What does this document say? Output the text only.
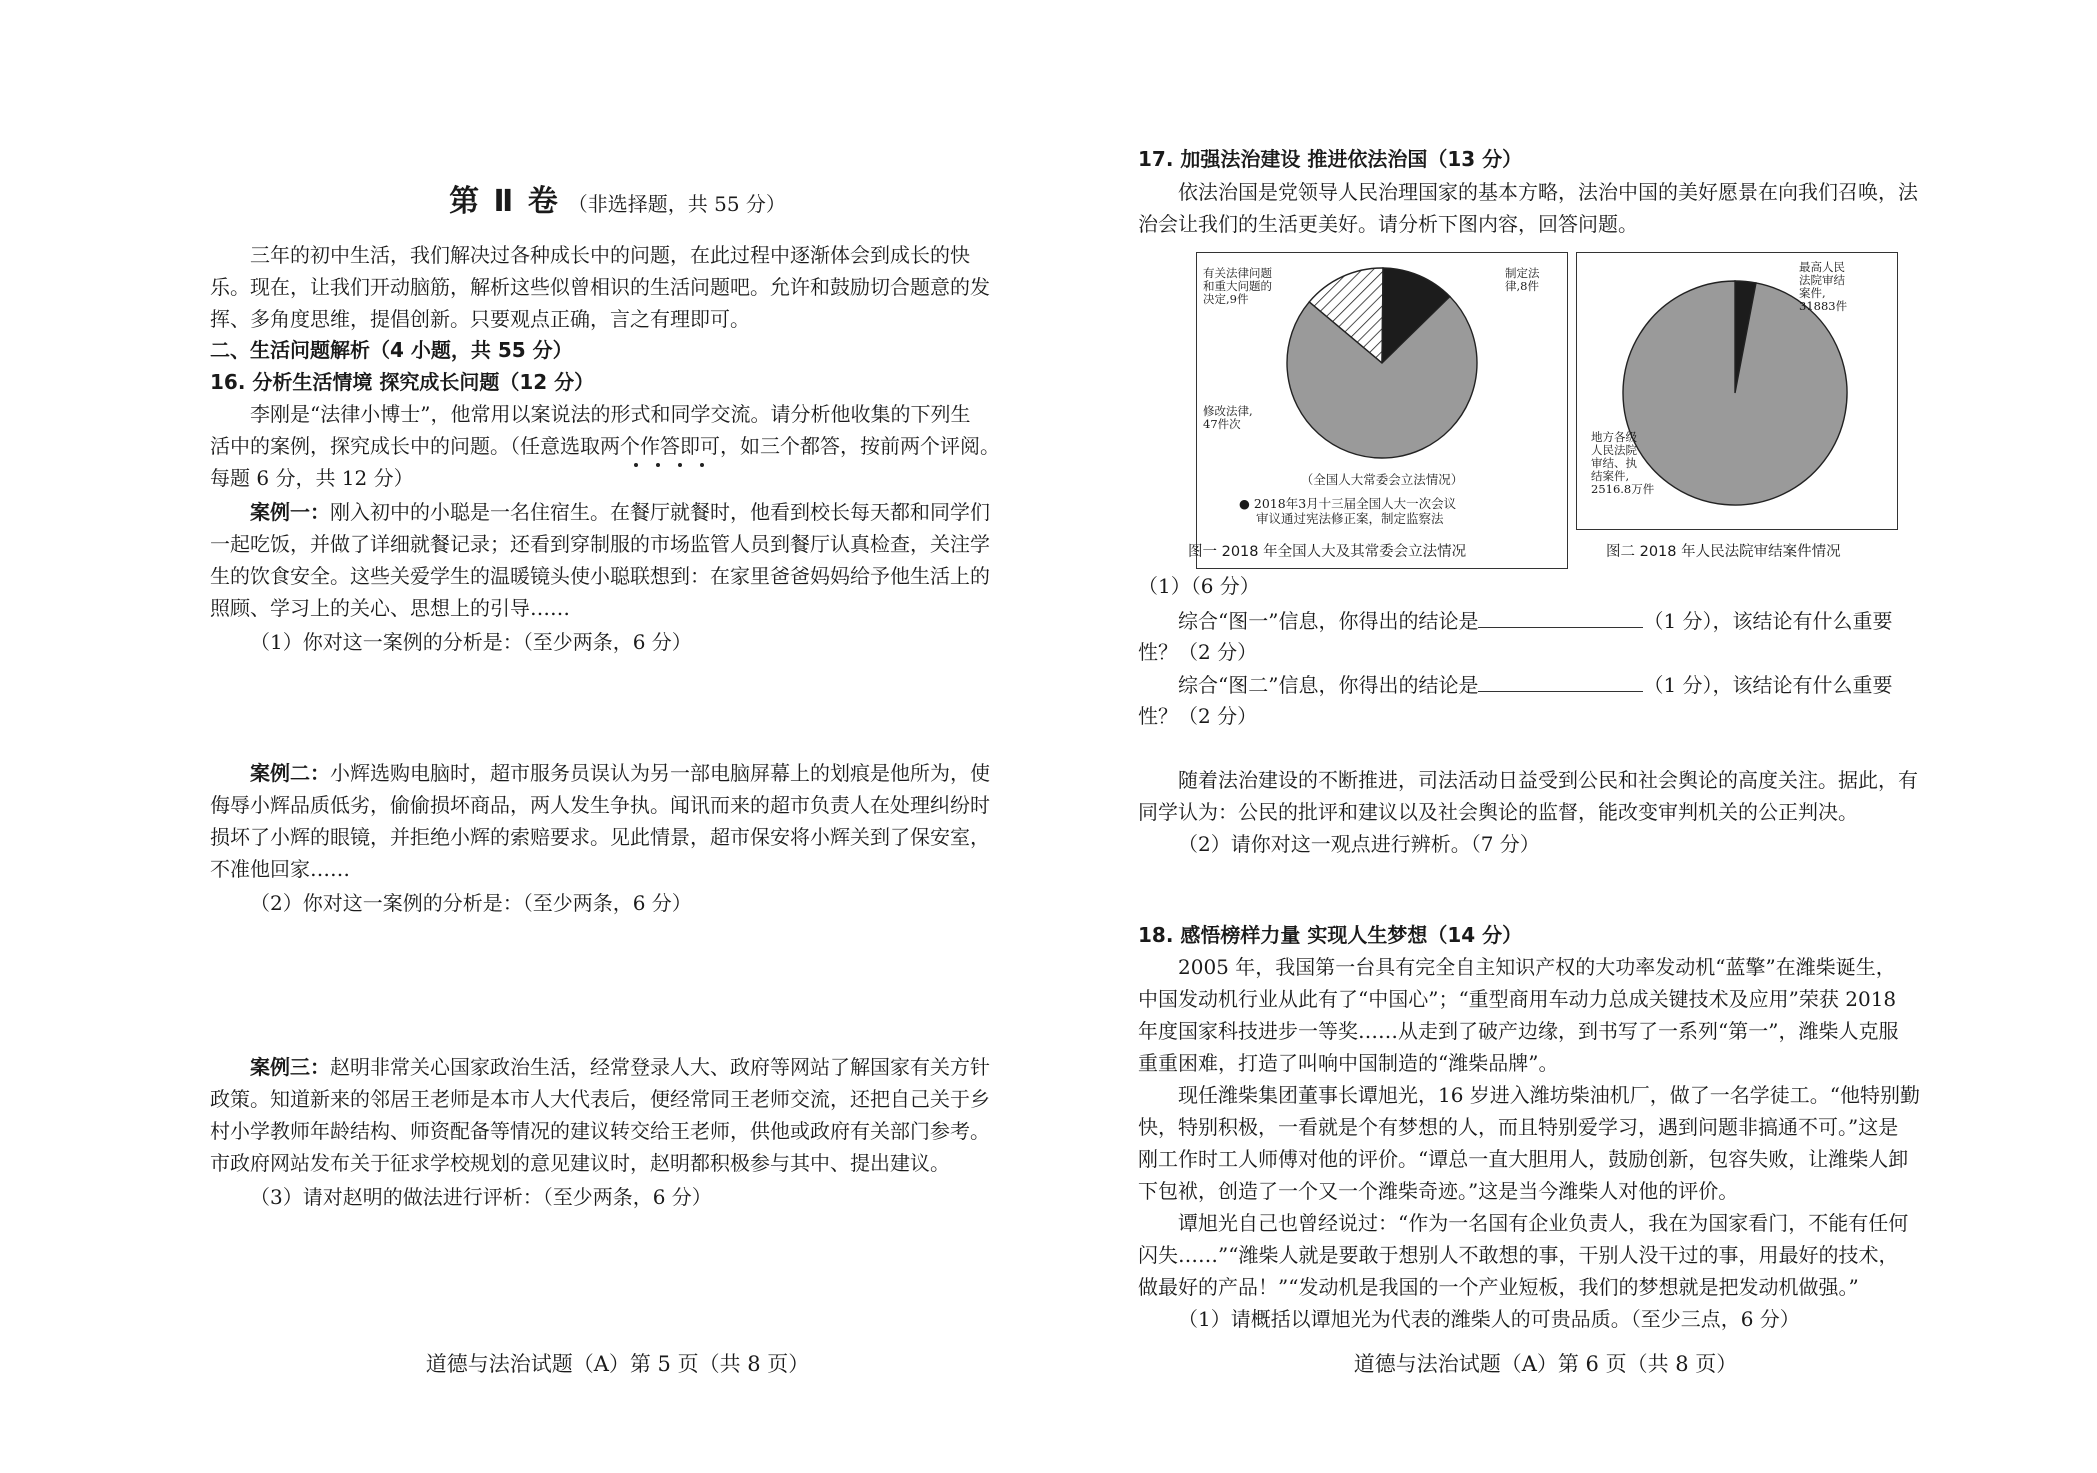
第 Ⅱ 卷 （非选择题，共 55 分）
三年的初中生活，我们解决过各种成长中的问题，在此过程中逐渐体会到成长的快
乐。现在，让我们开动脑筋，解析这些似曾相识的生活问题吧。允许和鼓励切合题意的发
挥、多角度思维，提倡创新。只要观点正确，言之有理即可。
二、生活问题解析（4 小题，共 55 分）
16. 分析生活情境 探究成长问题（12 分）
李刚是“法律小博士”，他常用以案说法的形式和同学交流。请分析他收集的下列生
活中的案例，探究成长中的问题。（任意选取两个作答即可，如三个都答，按前两个评阅。
每题 6 分，共 12 分）
案例一：刚入初中的小聪是一名住宿生。在餐厅就餐时，他看到校长每天都和同学们
一起吃饭，并做了详细就餐记录；还看到穿制服的市场监管人员到餐厅认真检查，关注学
生的饮食安全。这些关爱学生的温暖镜头使小聪联想到：在家里爸爸妈妈给予他生活上的
照顾、学习上的关心、思想上的引导……
（1）你对这一案例的分析是：（至少两条，6 分）
案例二：小辉选购电脑时，超市服务员误认为另一部电脑屏幕上的划痕是他所为，使
侮辱小辉品质低劣，偷偷损坏商品，两人发生争执。闻讯而来的超市负责人在处理纠纷时
损坏了小辉的眼镜，并拒绝小辉的索赔要求。见此情景，超市保安将小辉关到了保安室，
不准他回家……
（2）你对这一案例的分析是：（至少两条，6 分）
案例三：赵明非常关心国家政治生活，经常登录人大、政府等网站了解国家有关方针
政策。知道新来的邻居王老师是本市人大代表后，便经常同王老师交流，还把自己关于乡
村小学教师年龄结构、师资配备等情况的建议转交给王老师，供他或政府有关部门参考。
市政府网站发布关于征求学校规划的意见建议时，赵明都积极参与其中、提出建议。
（3）请对赵明的做法进行评析：（至少两条，6 分）
道德与法治试题（A）第 5 页（共 8 页）
17. 加强法治建设 推进依法治国（13 分）
依法治国是党领导人民治理国家的基本方略，法治中国的美好愿景在向我们召唤，法
治会让我们的生活更美好。请分析下图内容，回答问题。
有关法律问题
和重大问题的
决定,9件
制定法
律,8件
修改法律,
47件次
（全国人大常委会立法情况）
● 2018年3月十三届全国人大一次会议
审议通过宪法修正案，制定监察法
图一 2018 年全国人大及其常委会立法情况
最高人民
法院审结
案件,
31883件
地方各级
人民法院
审结、执
结案件,
2516.8万件
图二 2018 年人民法院审结案件情况
（1）（6 分）
综合“图一”信息，你得出的结论是	（1 分），该结论有什么重要
性？（2 分）
综合“图二”信息，你得出的结论是	（1 分），该结论有什么重要
性？（2 分）
随着法治建设的不断推进，司法活动日益受到公民和社会舆论的高度关注。据此，有
同学认为：公民的批评和建议以及社会舆论的监督，能改变审判机关的公正判决。
（2）请你对这一观点进行辨析。（7 分）
18. 感悟榜样力量 实现人生梦想（14 分）
2005 年，我国第一台具有完全自主知识产权的大功率发动机“蓝擎”在潍柴诞生，
中国发动机行业从此有了“中国心”；“重型商用车动力总成关键技术及应用”荣获 2018
年度国家科技进步一等奖……从走到了破产边缘，到书写了一系列“第一”，潍柴人克服
重重困难，打造了叫响中国制造的“潍柴品牌”。
现任潍柴集团董事长谭旭光，16 岁进入潍坊柴油机厂，做了一名学徒工。“他特别勤
快，特别积极，一看就是个有梦想的人，而且特别爱学习，遇到问题非搞通不可。”这是
刚工作时工人师傅对他的评价。“谭总一直大胆用人，鼓励创新，包容失败，让潍柴人卸
下包袱，创造了一个又一个潍柴奇迹。”这是当今潍柴人对他的评价。
谭旭光自己也曾经说过：“作为一名国有企业负责人，我在为国家看门，不能有任何
闪失……”“潍柴人就是要敢于想别人不敢想的事，干别人没干过的事，用最好的技术，
做最好的产品！”“发动机是我国的一个产业短板，我们的梦想就是把发动机做强。”
（1）请概括以谭旭光为代表的潍柴人的可贵品质。（至少三点，6 分）
道德与法治试题（A）第 6 页（共 8 页）
